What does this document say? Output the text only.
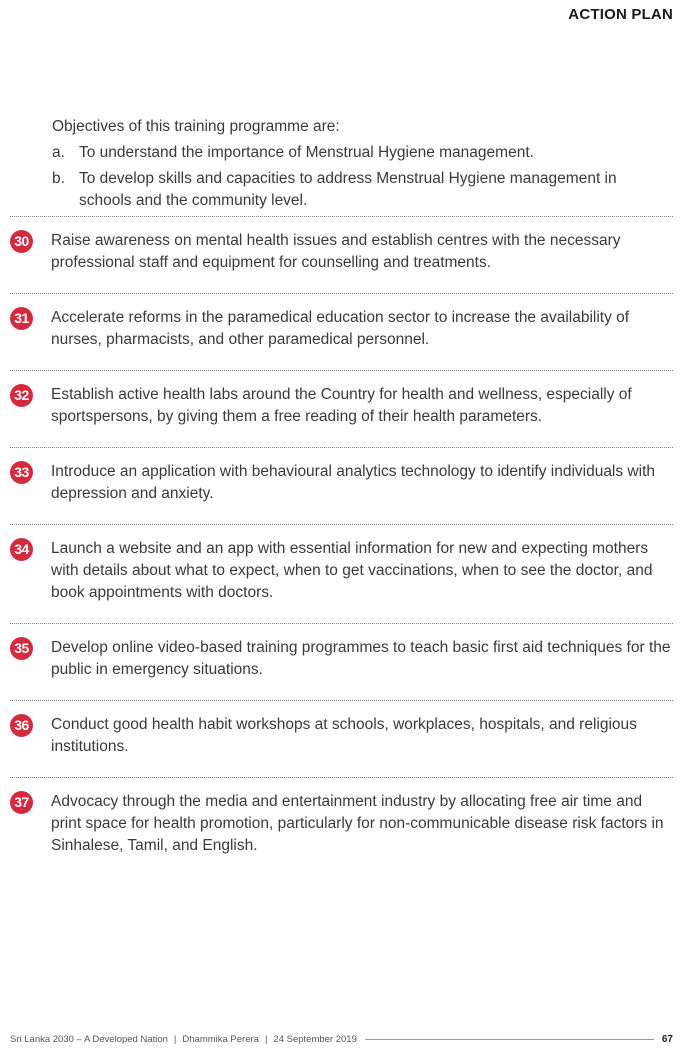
ACTION PLAN

Objectives of this training programme are:

a. To understand the importance of Menstrual Hygiene management.
b. To develop skills and capacities to address Menstrual Hygiene management in schools and the community level.
30 Raise awareness on mental health issues and establish centres with the necessary professional staff and equipment for counselling and treatments.
31 Accelerate reforms in the paramedical education sector to increase the availability of nurses, pharmacists, and other paramedical personnel.
32 Establish active health labs around the Country for health and wellness, especially of sportspersons, by giving them a free reading of their health parameters.
33 Introduce an application with behavioural analytics technology to identify individuals with depression and anxiety.
34 Launch a website and an app with essential information for new and expecting mothers with details about what to expect, when to get vaccinations, when to see the doctor, and book appointments with doctors.
35 Develop online video-based training programmes to teach basic first aid techniques for the public in emergency situations.
36 Conduct good health habit workshops at schools, workplaces, hospitals, and religious institutions.
37 Advocacy through the media and entertainment industry by allocating free air time and print space for health promotion, particularly for non-communicable disease risk factors in Sinhalese, Tamil, and English.
Sri Lanka 2030 – A Developed Nation | Dhammika Perera | 24 September 2019	67
